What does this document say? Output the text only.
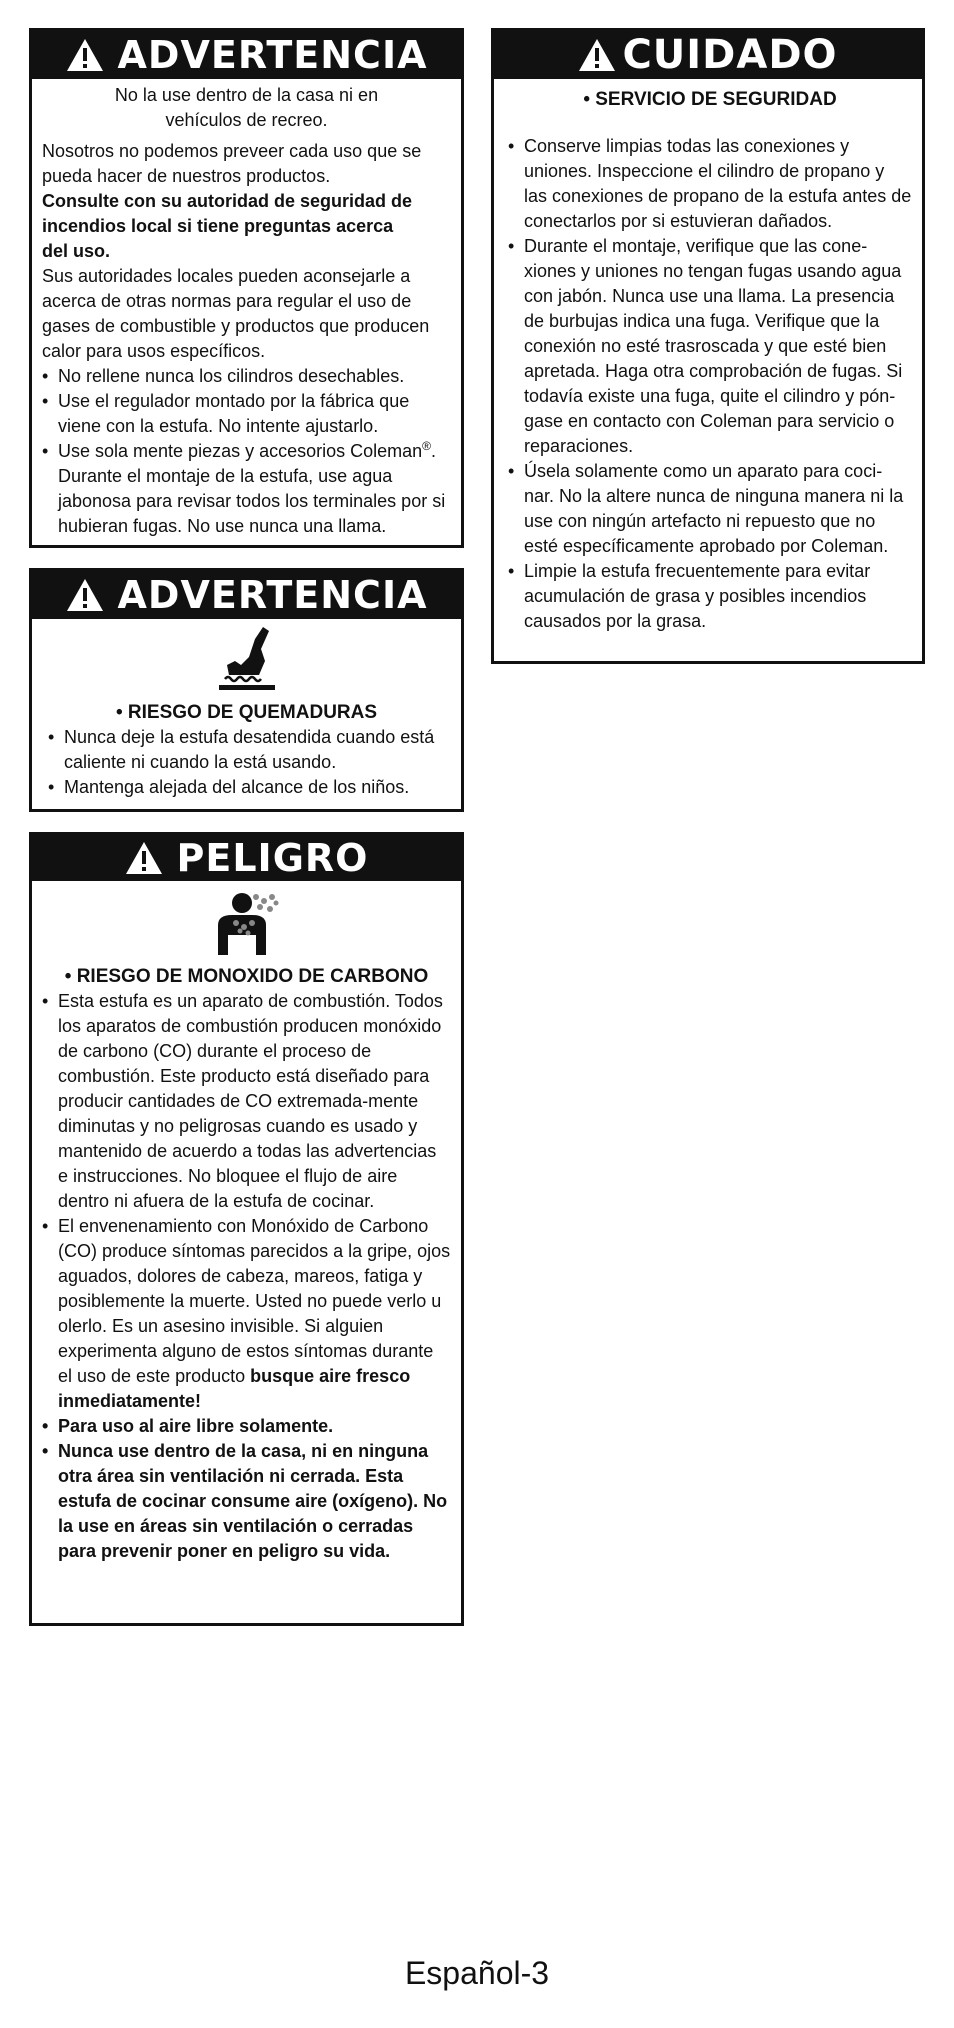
ADVERTENCIA
No la use dentro de la casa ni en vehículos de recreo.
Nosotros no podemos preveer cada uso que se pueda hacer de nuestros productos.
Consulte con su autoridad de seguridad de incendios local si tiene preguntas acerca del uso.
Sus autoridades locales pueden aconsejarle a acerca de otras normas para regular el uso de gases de combustible y productos que producen calor para usos específicos.
• No rellene nunca los cilindros desechables.
• Use el regulador montado por la fábrica que viene con la estufa. No intente ajustarlo.
• Use sola mente piezas y accesorios Coleman®. Durante el montaje de la estufa, use agua jabonosa para revisar todos los terminales por si hubieran fugas. No use nunca una llama.
ADVERTENCIA
• RIESGO DE QUEMADURAS
• Nunca deje la estufa desatendida cuando está caliente ni cuando la está usando.
• Mantenga alejada del alcance de los niños.
PELIGRO
• RIESGO DE MONOXIDO DE CARBONO
• Esta estufa es un aparato de combustión. Todos los aparatos de combustión producen monóxido de carbono (CO) durante el proceso de combustión. Este producto está diseñado para producir cantidades de CO extremada-mente diminutas y no peligrosas cuando es usado y mantenido de acuerdo a todas las advertencias e instrucciones. No bloquee el flujo de aire dentro ni afuera de la estufa de cocinar.
• El envenenamiento con Monóxido de Carbono (CO) produce síntomas parecidos a la gripe, ojos aguados, dolores de cabeza, mareos, fatiga y posiblemente la muerte. Usted no puede verlo u olerlo. Es un asesino invisible. Si alguien experimenta alguno de estos síntomas durante el uso de este producto busque aire fresco inmediatamente!
• Para uso al aire libre solamente.
• Nunca use dentro de la casa, ni en ninguna otra área sin ventilación ni cerrada. Esta estufa de cocinar consume aire (oxígeno). No la use en áreas sin ventilación o cerradas para prevenir poner en peligro su vida.
CUIDADO
• SERVICIO DE SEGURIDAD
• Conserve limpias todas las conexiones y uniones. Inspeccione el cilindro de propano y las conexiones de propano de la estufa antes de conectarlos por si estuvieran dañados.
• Durante el montaje, verifique que las cone-xiones y uniones no tengan fugas usando agua con jabón. Nunca use una llama. La presencia de burbujas indica una fuga. Verifique que la conexión no esté trasroscada y que esté bien apretada. Haga otra comprobación de fugas. Si todavía existe una fuga, quite el cilindro y pón-gase en contacto con Coleman para servicio o reparaciones.
• Úsela solamente como un aparato para coci-nar. No la altere nunca de ninguna manera ni la use con ningún artefacto ni repuesto que no esté específicamente aprobado por Coleman.
• Limpie la estufa frecuentemente para evitar acumulación de grasa y posibles incendios causados por la grasa.
Español-3
